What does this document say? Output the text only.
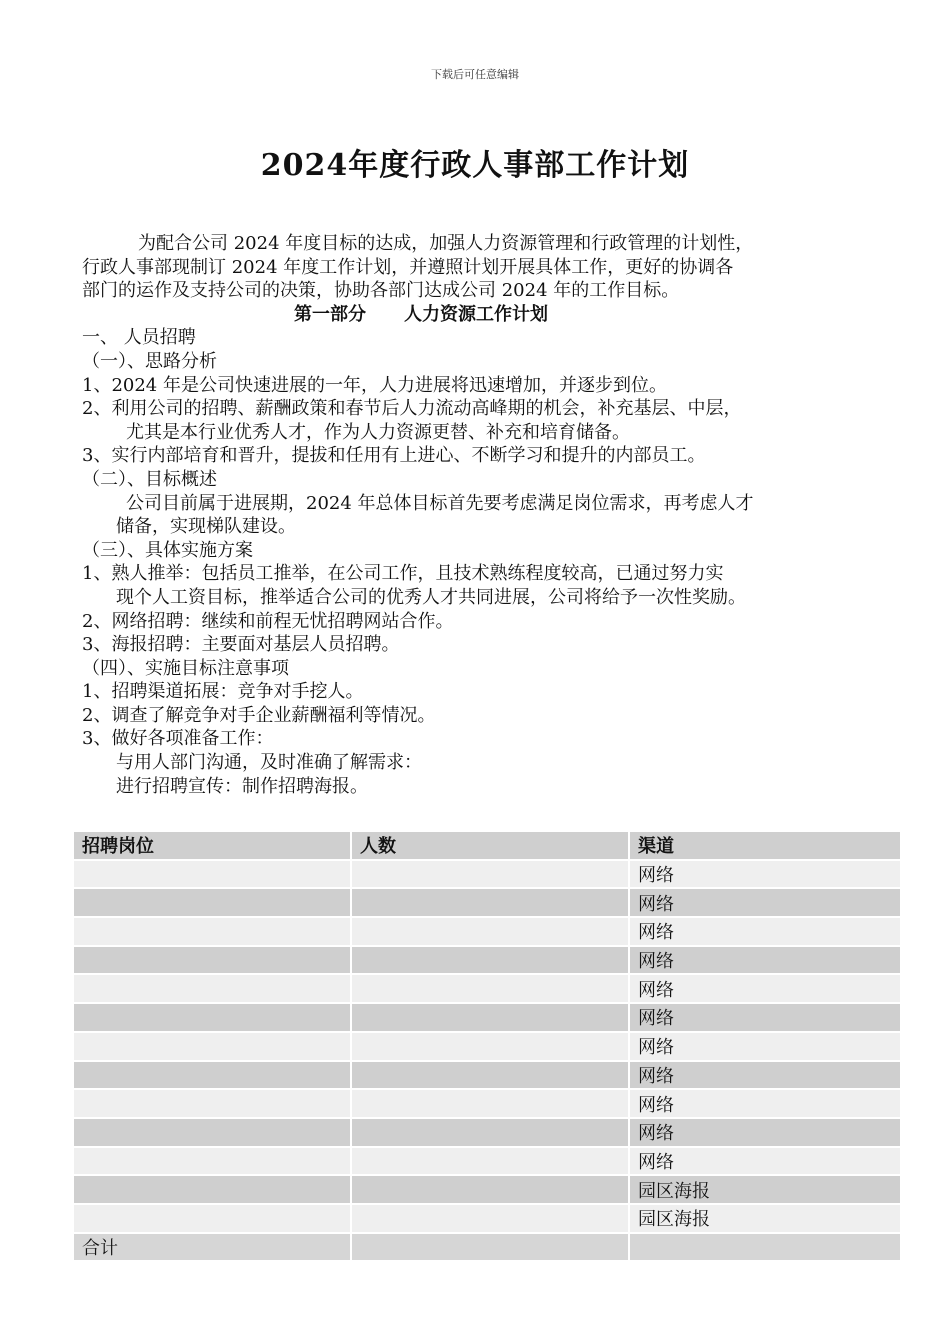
下载后可任意编辑
2024年度行政人事部工作计划
为配合公司 2024 年度目标的达成，加强人力资源管理和行政管理的计划性，
行政人事部现制订 2024 年度工作计划，并遵照计划开展具体工作，更好的协调各
部门的运作及支持公司的决策，协助各部门达成公司 2024 年的工作目标。
第一部分 人力资源工作计划
一、 人员招聘
（一）、思路分析
1、2024 年是公司快速进展的一年，人力进展将迅速增加，并逐步到位。
2、利用公司的招聘、薪酬政策和春节后人力流动高峰期的机会，补充基层、中层，
尤其是本行业优秀人才，作为人力资源更替、补充和培育储备。
3、实行内部培育和晋升，提拔和任用有上进心、不断学习和提升的内部员工。
（二）、目标概述
公司目前属于进展期，2024 年总体目标首先要考虑满足岗位需求，再考虑人才
储备，实现梯队建设。
（三）、具体实施方案
1、熟人推举：包括员工推举，在公司工作，且技术熟练程度较高，已通过努力实
现个人工资目标，推举适合公司的优秀人才共同进展，公司将给予一次性奖励。
2、网络招聘：继续和前程无忧招聘网站合作。
3、海报招聘：主要面对基层人员招聘。
（四）、实施目标注意事项
1、招聘渠道拓展：竞争对手挖人。
2、调查了解竞争对手企业薪酬福利等情况。
3、做好各项准备工作：
与用人部门沟通，及时准确了解需求：
进行招聘宣传：制作招聘海报。
招聘岗位	人数	渠道
		网络
		网络
		网络
		网络
		网络
		网络
		网络
		网络
		网络
		网络
		网络
		园区海报
		园区海报
合计		
